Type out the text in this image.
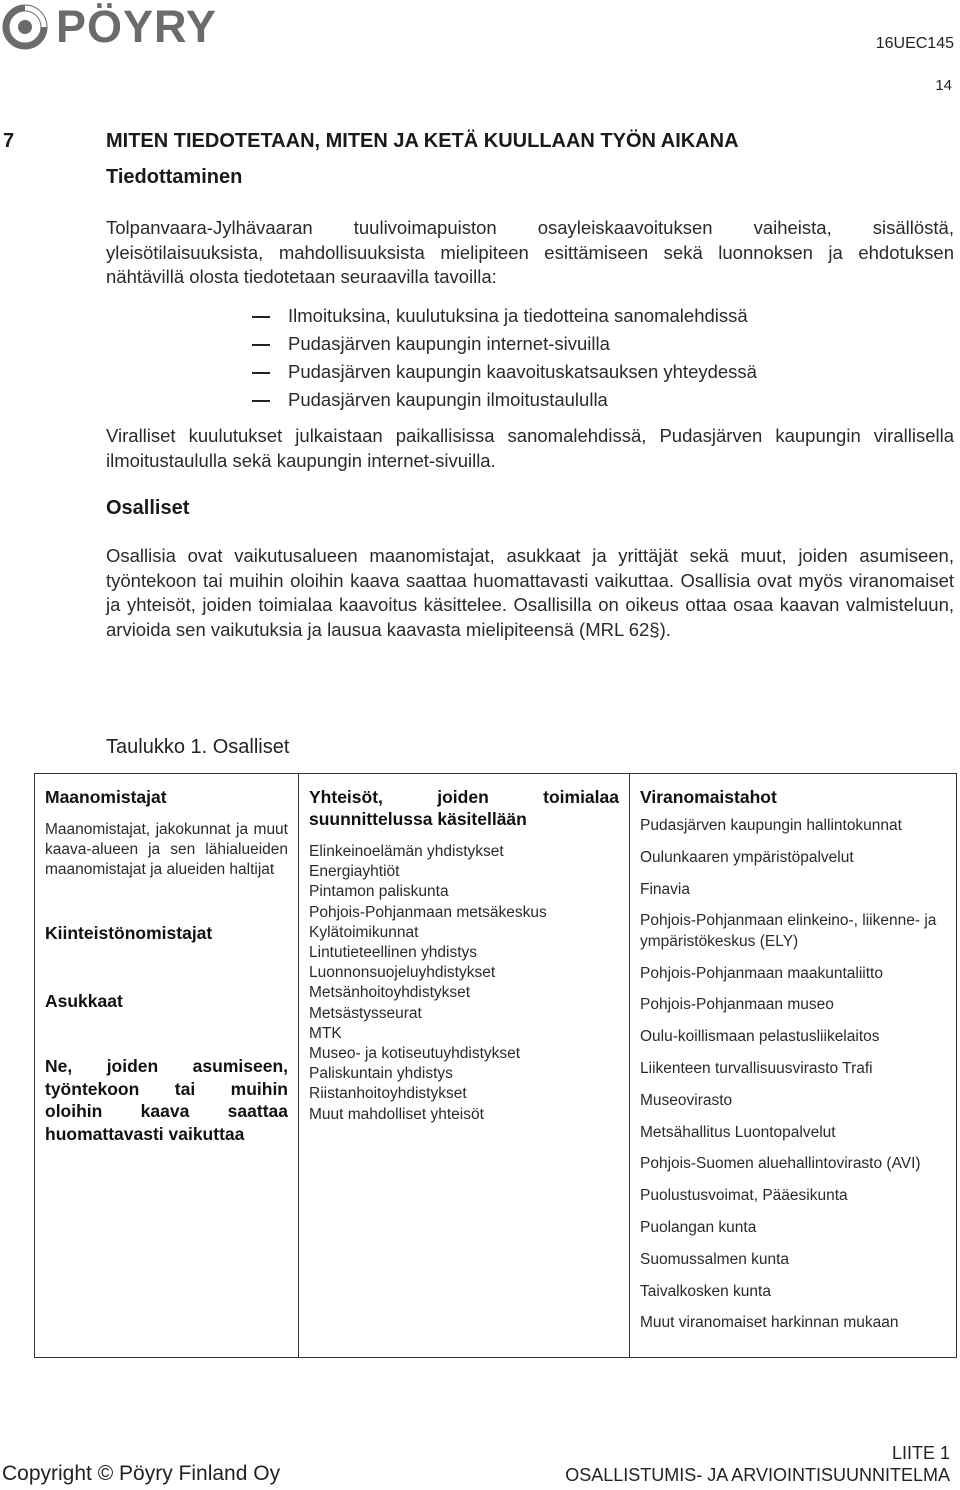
PÖYRY	16UEC145
14
7	MITEN TIEDOTETAAN, MITEN JA KETÄ KUULLAAN TYÖN AIKANA
Tiedottaminen
Tolpanvaara-Jylhävaaran tuulivoimapuiston osayleiskaavoituksen vaiheista, sisällöstä, yleisötilaisuuksista, mahdollisuuksista mielipiteen esittämiseen sekä luonnoksen ja ehdotuksen nähtävillä olosta tiedotetaan seuraavilla tavoilla:
Ilmoituksina, kuulutuksina ja tiedotteina sanomalehdissä
Pudasjärven kaupungin internet-sivuilla
Pudasjärven kaupungin kaavoituskatsauksen yhteydessä
Pudasjärven kaupungin ilmoitustaululla
Viralliset kuulutukset julkaistaan paikallisissa sanomalehdissä, Pudasjärven kaupungin virallisella ilmoitustaululla sekä kaupungin internet-sivuilla.
Osalliset
Osallisia ovat vaikutusalueen maanomistajat, asukkaat ja yrittäjät sekä muut, joiden asumiseen, työntekoon tai muihin oloihin kaava saattaa huomattavasti vaikuttaa. Osallisia ovat myös viranomaiset ja yhteisöt, joiden toimialaa kaavoitus käsittelee. Osallisilla on oikeus ottaa osaa kaavan valmisteluun, arvioida sen vaikutuksia ja lausua kaavasta mielipiteensä (MRL 62§).
Taulukko 1. Osalliset
Maanomistajat
Maanomistajat, jakokunnat ja muut kaava-alueen ja sen lähialueiden maanomistajat ja alueiden haltijat
Kiinteistönomistajat
Asukkaat
Ne, joiden asumiseen, työntekoon tai muihin oloihin kaava saattaa huomattavasti vaikuttaa

Yhteisöt, joiden toimialaa suunnittelussa käsitellään
Elinkeinoelämän yhdistykset
Energiayhtiöt
Pintamon paliskunta
Pohjois-Pohjanmaan metsäkeskus
Kylätoimikunnat
Lintutieteellinen yhdistys
Luonnonsuojeluyhdistykset
Metsänhoitoyhdistykset
Metsästysseurat
MTK
Museo- ja kotiseutuyhdistykset
Paliskuntain yhdistys
Riistanhoitoyhdistykset
Muut mahdolliset yhteisöt

Viranomaistahot
Pudasjärven kaupungin hallintokunnat
Oulunkaaren ympäristöpalvelut
Finavia
Pohjois-Pohjanmaan elinkeino-, liikenne- ja ympäristökeskus (ELY)
Pohjois-Pohjanmaan maakuntaliitto
Pohjois-Pohjanmaan museo
Oulu-koillismaan pelastusliikelaitos
Liikenteen turvallisuusvirasto Trafi
Museovirasto
Metsähallitus Luontopalvelut
Pohjois-Suomen aluehallintovirasto (AVI)
Puolustusvoimat, Pääesikunta
Puolangan kunta
Suomussalmen kunta
Taivalkosken kunta
Muut viranomaiset harkinnan mukaan
Copyright © Pöyry Finland Oy
LIITE 1
OSALLISTUMIS- JA ARVIOINTISUUNNITELMA
